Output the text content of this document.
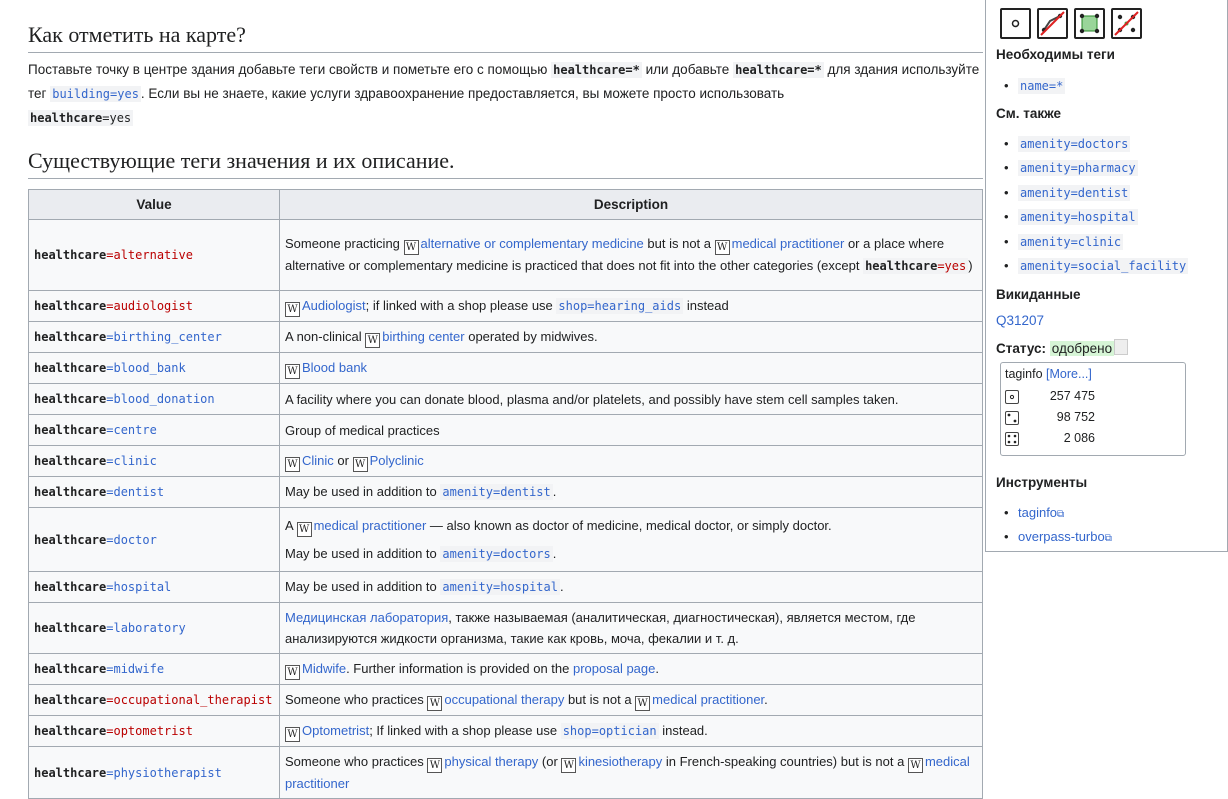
Как отметить на карте?
Поставьте точку в центре здания добавьте теги свойств и пометьте его с помощью healthcare=* или добавьте healthcare=* для здания используйте тег building=yes . Если вы не знаете, какие услуги здравоохранение предоставляется, вы можете просто использовать
healthcare=yes
Существующие теги значения и их описание.
Value	Description
healthcare=alternative	Someone practicing W alternative or complementary medicine but is not a W medical practitioner or a place where alternative or complementary medicine is practiced that does not fit into the other categories (except healthcare=yes )
healthcare=audiologist	W Audiologist; if linked with a shop please use shop=hearing_aids instead
healthcare=birthing_center	A non-clinical W birthing center operated by midwives.
healthcare=blood_bank	W Blood bank
healthcare=blood_donation	A facility where you can donate blood, plasma and/or platelets, and possibly have stem cell samples taken.
healthcare=centre	Group of medical practices
healthcare=clinic	W Clinic or W Polyclinic
healthcare=dentist	May be used in addition to amenity=dentist .
healthcare=doctor	A W medical practitioner — also known as doctor of medicine, medical doctor, or simply doctor.
May be used in addition to amenity=doctors .

healthcare=hospital	May be used in addition to amenity=hospital .
healthcare=laboratory	Медицинская лаборатория, также называемая (аналитическая, диагностическая), является местом, где анализируются жидкости организма, такие как кровь, моча, фекалии и т. д.
healthcare=midwife	W Midwife. Further information is provided on the proposal page.
healthcare=occupational_therapist	Someone who practices W occupational therapy but is not a W medical practitioner.
healthcare=optometrist	W Optometrist; If linked with a shop please use shop=optician instead.
healthcare=physiotherapist	Someone who practices W physical therapy (or W kinesiotherapy in French-speaking countries) but is not a W medical practitioner
Необходимы теги
• name=*
См. также
• amenity=doctors
• amenity=pharmacy
• amenity=dentist
• amenity=hospital
• amenity=clinic
• amenity=social_facility
Викиданные
Q31207
Статус: одобрено
taginfo [More...]
257 475
98 752
2 086
Инструменты
• taginfo⧉
• overpass-turbo⧉
